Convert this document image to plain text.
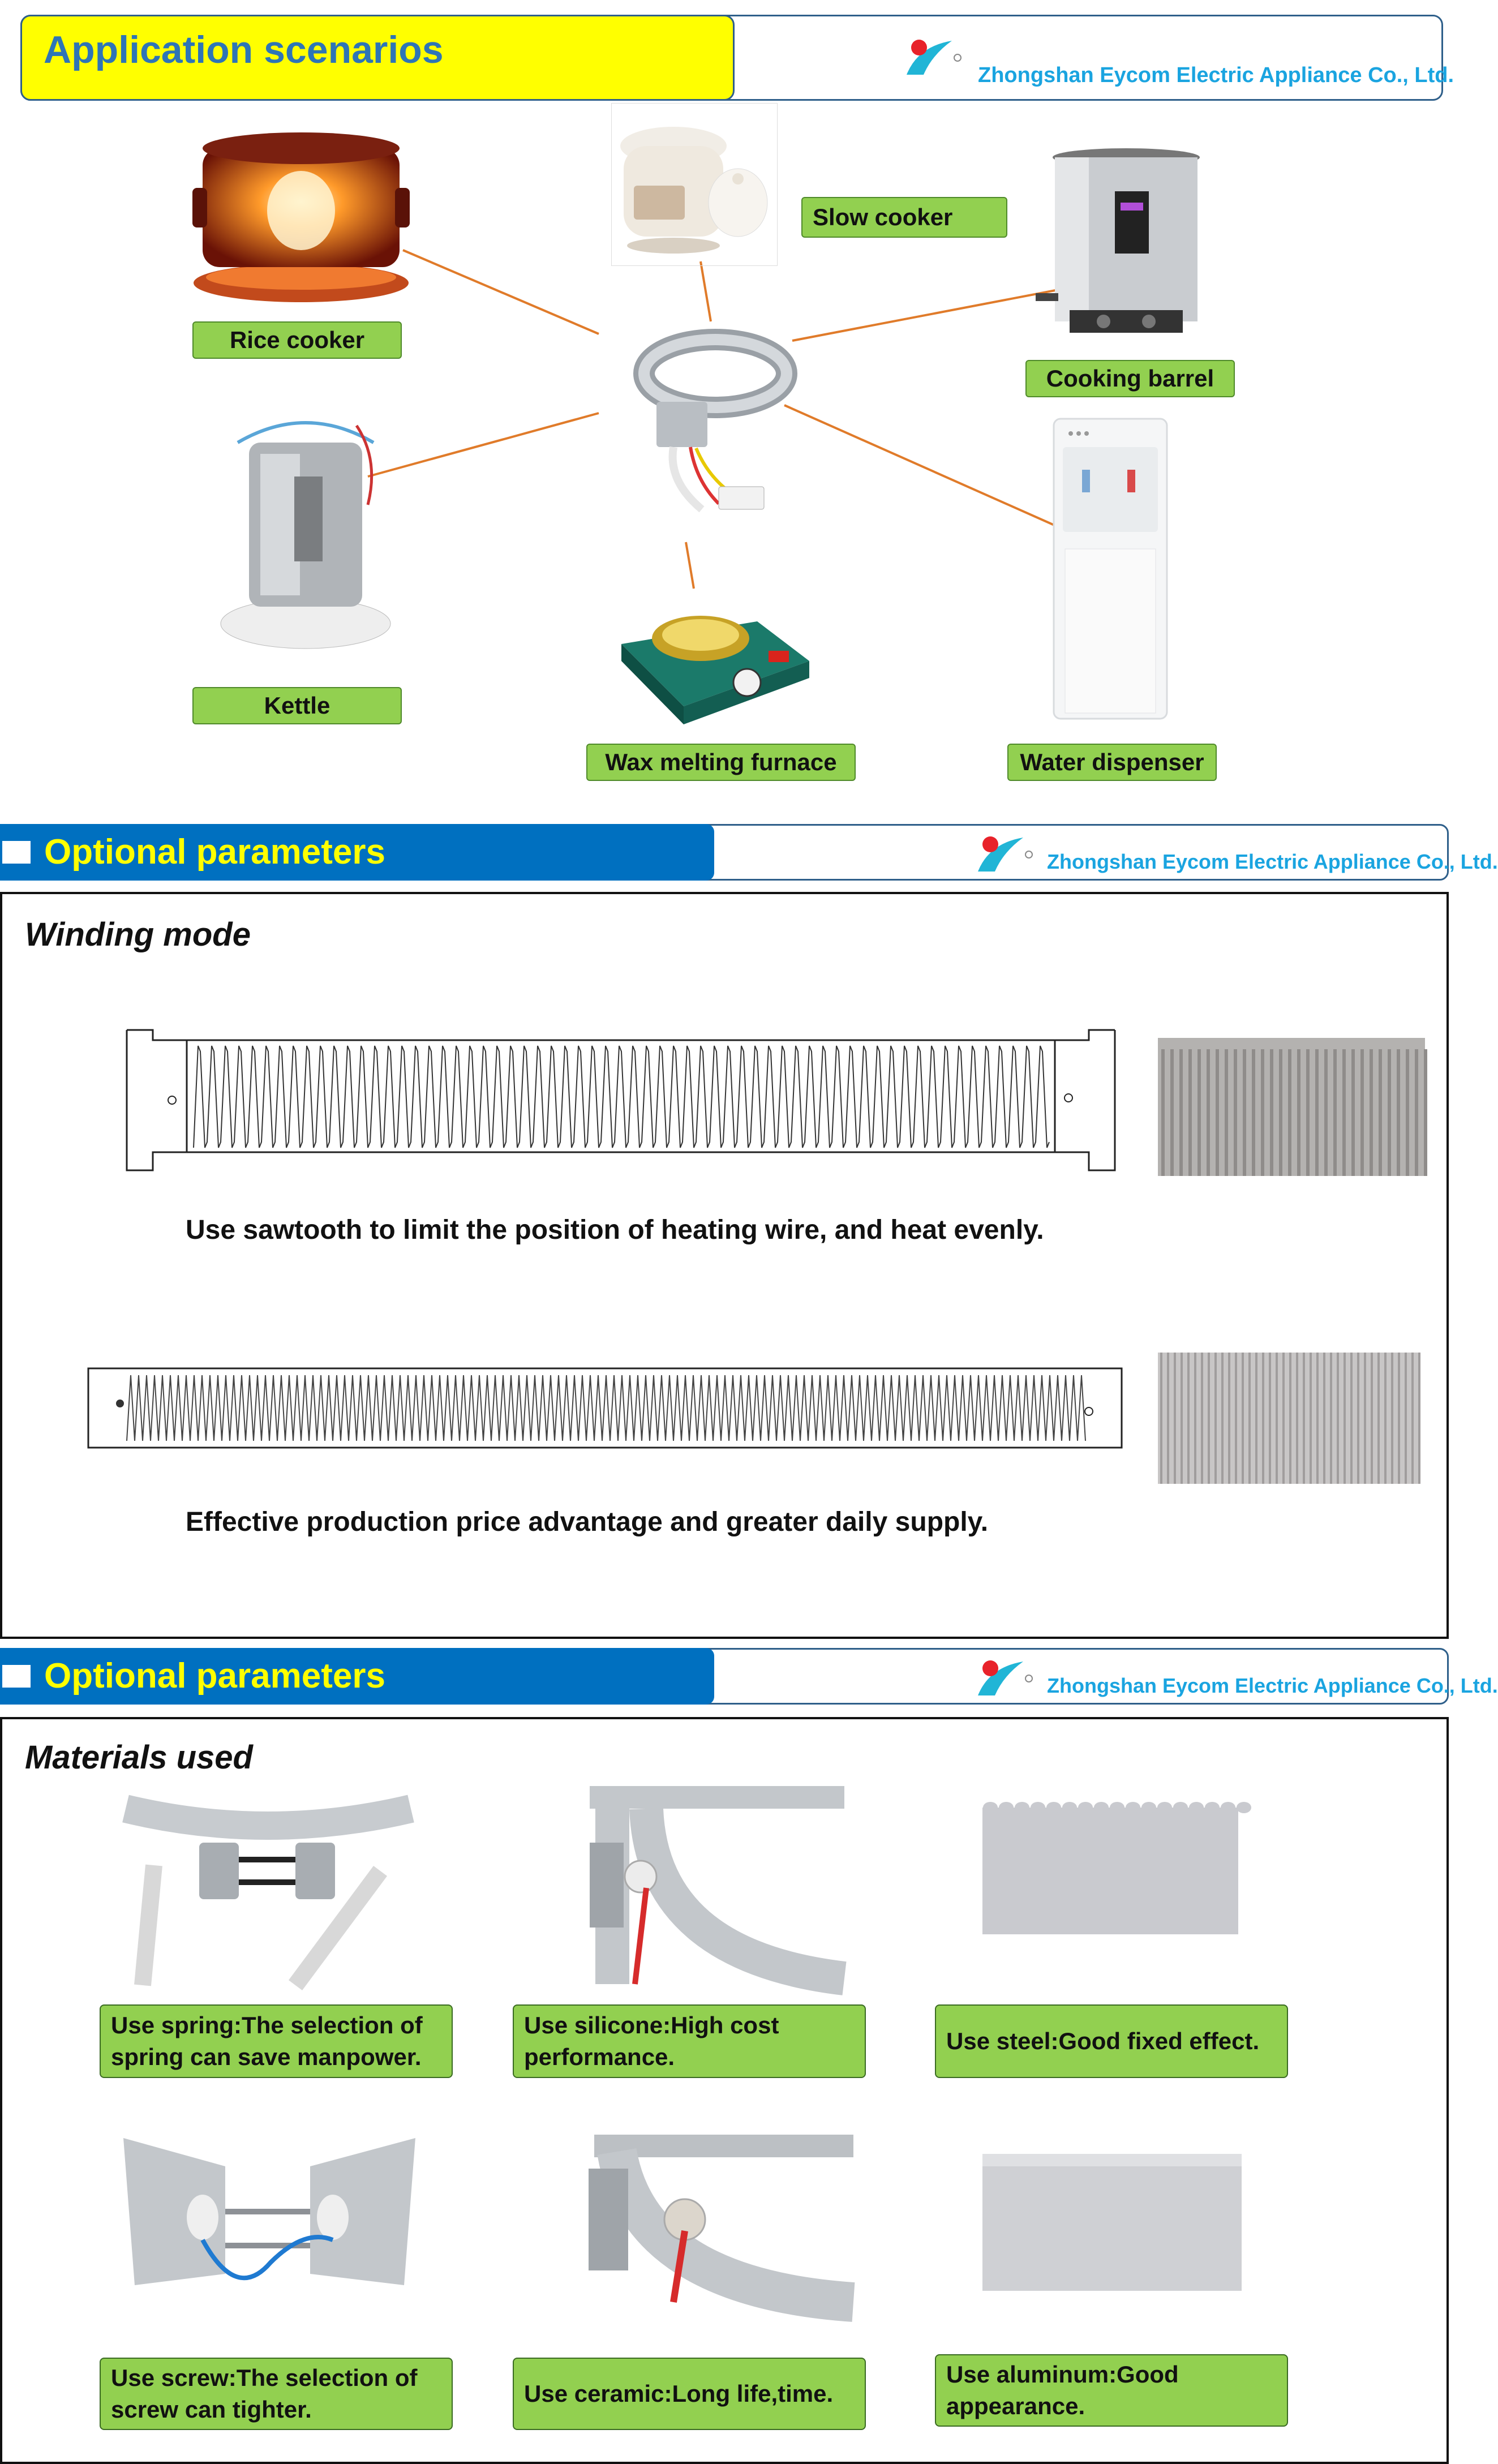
Application scenarios
Zhongshan Eycom Electric Appliance Co., Ltd.
Rice cooker
Slow cooker
Cooking barrel
Kettle
Wax melting furnace	Water dispenser
Optional parameters	Zhongshan Eycom Electric Appliance Co., Ltd.
Winding mode
Use sawtooth to limit the position of heating wire, and heat evenly.
Effective production price advantage and greater daily supply.
Optional parameters	Zhongshan Eycom Electric Appliance Co., Ltd.
Materials used
Use spring:The selection of spring can save manpower.
Use silicone:High cost performance.
Use steel:Good fixed effect.
Use screw:The selection of screw can tighter.
Use ceramic:Long life,time.
Use aluminum:Good appearance.
